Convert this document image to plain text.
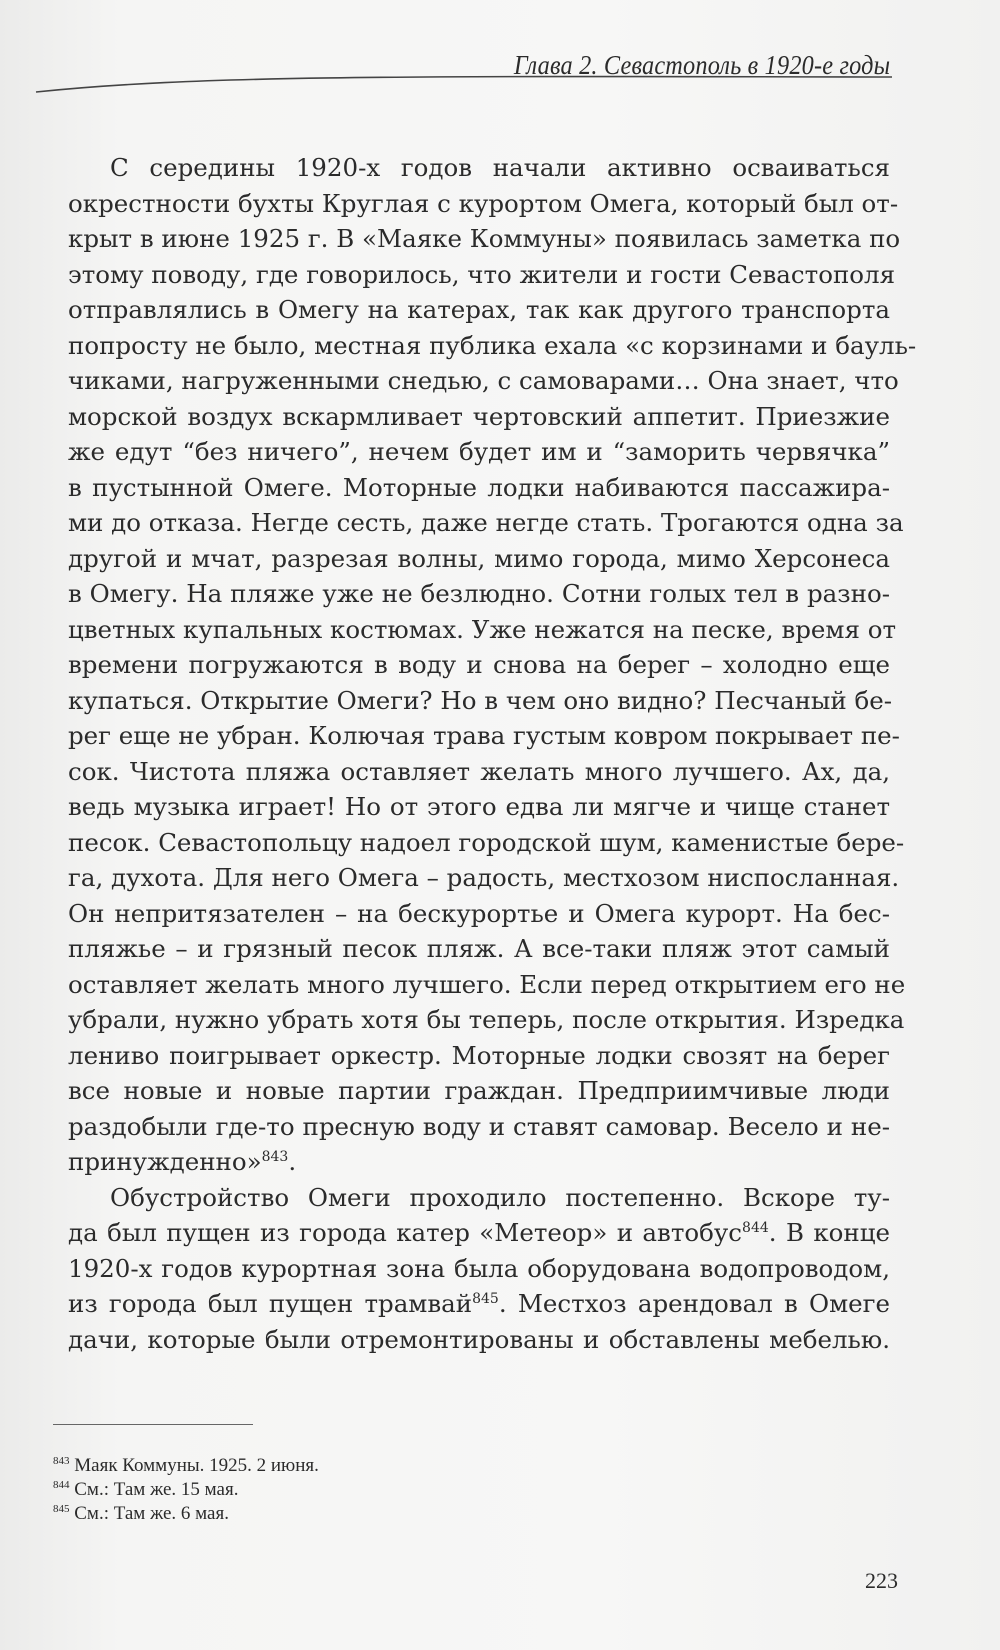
Глава 2. Севастополь в 1920-е годы
С середины 1920-х годов начали активно осваиваться
окрестности бухты Круглая с курортом Омега, который был от-
крыт в июне 1925 г. В «Маяке Коммуны» появилась заметка по
этому поводу, где говорилось, что жители и гости Севастополя
отправлялись в Омегу на катерах, так как другого транспорта
попросту не было, местная публика ехала «с корзинами и бауль-
чиками, нагруженными снедью, с самоварами… Она знает, что
морской воздух вскармливает чертовский аппетит. Приезжие
же едут “без ничего”, нечем будет им и “заморить червячка”
в пустынной Омеге. Моторные лодки набиваются пассажира-
ми до отказа. Негде сесть, даже негде стать. Трогаются одна за
другой и мчат, разрезая волны, мимо города, мимо Херсонеса
в Омегу. На пляже уже не безлюдно. Сотни голых тел в разно-
цветных купальных костюмах. Уже нежатся на песке, время от
времени погружаются в воду и снова на берег – холодно еще
купаться. Открытие Омеги? Но в чем оно видно? Песчаный бе-
рег еще не убран. Колючая трава густым ковром покрывает пе-
сок. Чистота пляжа оставляет желать много лучшего. Ах, да,
ведь музыка играет! Но от этого едва ли мягче и чище станет
песок. Севастопольцу надоел городской шум, каменистые бере-
га, духота. Для него Омега – радость, местхозом ниспосланная.
Он непритязателен – на бескурортье и Омега курорт. На бес-
пляжье – и грязный песок пляж. А все-таки пляж этот самый
оставляет желать много лучшего. Если перед открытием его не
убрали, нужно убрать хотя бы теперь, после открытия. Изредка
лениво поигрывает оркестр. Моторные лодки свозят на берег
все новые и новые партии граждан. Предприимчивые люди
раздобыли где-то пресную воду и ставят самовар. Весело и не-
принужденно»$^{843}$.
Обустройство Омеги проходило постепенно. Вскоре ту-
да был пущен из города катер «Метеор» и автобус$^{844}$. В конце
1920-х годов курортная зона была оборудована водопроводом,
из города был пущен трамвай$^{845}$. Местхоз арендовал в Омеге
дачи, которые были отремонтированы и обставлены мебелью.
$^{843}$ Маяк Коммуны. 1925. 2 июня.
$^{844}$ См.: Там же. 15 мая.
$^{845}$ См.: Там же. 6 мая.
223
